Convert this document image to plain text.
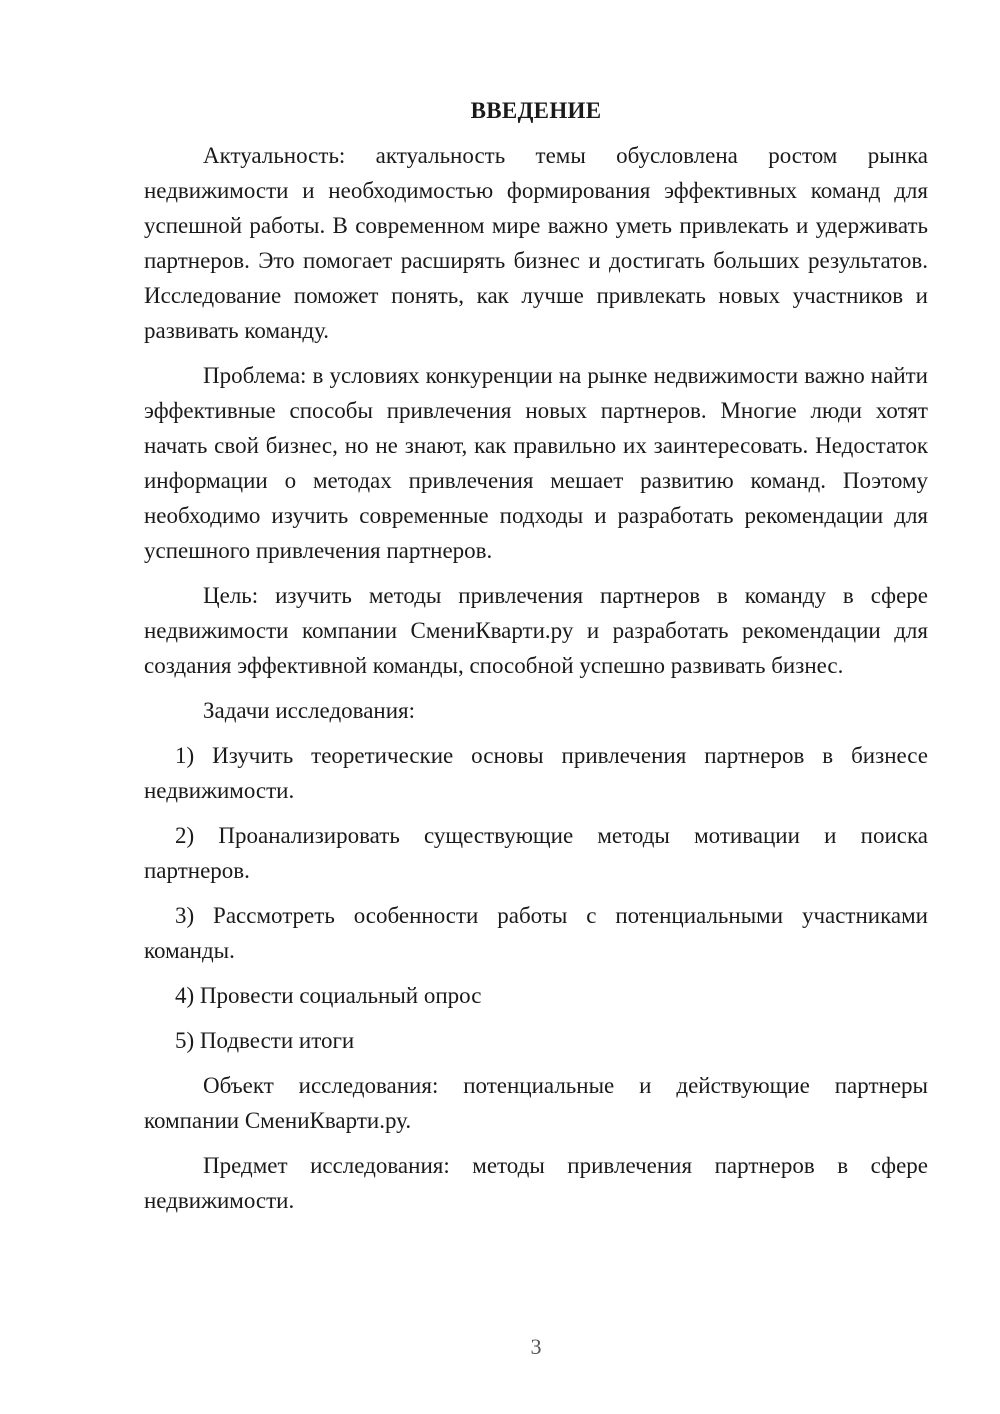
ВВЕДЕНИЕ

Актуальность: актуальность темы обусловлена ростом рынка недвижимости и необходимостью формирования эффективных команд для успешной работы. В современном мире важно уметь привлекать и удерживать партнеров. Это помогает расширять бизнес и достигать больших результатов. Исследование поможет понять, как лучше привлекать новых участников и развивать команду.

Проблема: в условиях конкуренции на рынке недвижимости важно найти эффективные способы привлечения новых партнеров. Многие люди хотят начать свой бизнес, но не знают, как правильно их заинтересовать. Недостаток информации о методах привлечения мешает развитию команд. Поэтому необходимо изучить современные подходы и разработать рекомендации для успешного привлечения партнеров.

Цель: изучить методы привлечения партнеров в команду в сфере недвижимости компании СмениКварти.ру и разработать рекомендации для создания эффективной команды, способной успешно развивать бизнес.

Задачи исследования:

1) Изучить теоретические основы привлечения партнеров в бизнесе недвижимости.

2) Проанализировать существующие методы мотивации и поиска партнеров.

3) Рассмотреть особенности работы с потенциальными участниками команды.

4) Провести социальный опрос

5) Подвести итоги

Объект исследования: потенциальные и действующие партнеры компании СмениКварти.ру.

Предмет исследования: методы привлечения партнеров в сфере недвижимости.

3
